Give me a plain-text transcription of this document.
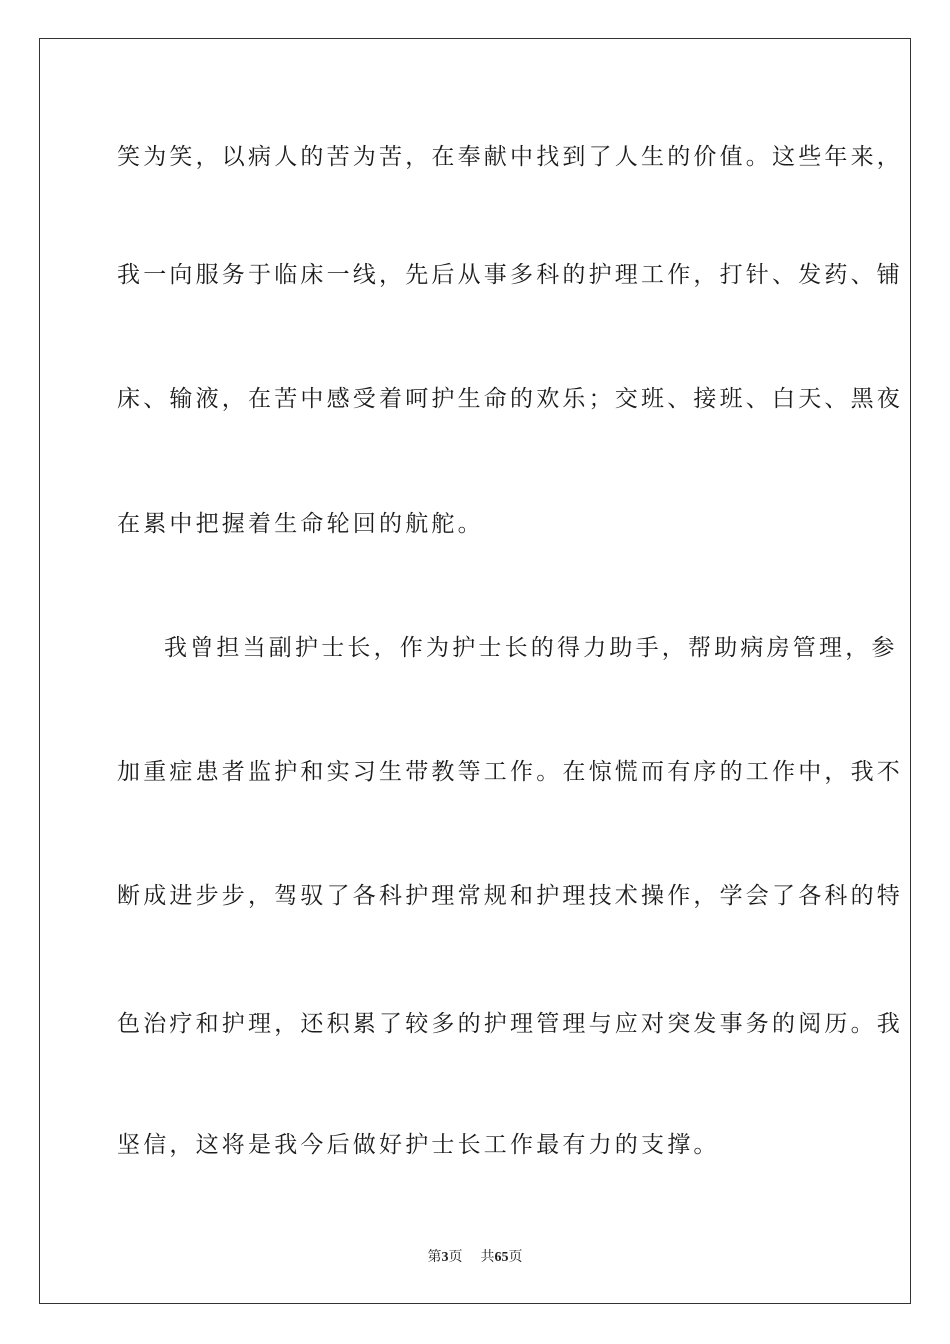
笑为笑，以病人的苦为苦，在奉献中找到了人生的价值。这些年来，
我一向服务于临床一线，先后从事多科的护理工作，打针、发药、铺
床、输液，在苦中感受着呵护生命的欢乐；交班、接班、白天、黑夜
在累中把握着生命轮回的航舵。
我曾担当副护士长，作为护士长的得力助手，帮助病房管理，参
加重症患者监护和实习生带教等工作。在惊慌而有序的工作中，我不
断成进步步，驾驭了各科护理常规和护理技术操作，学会了各科的特
色治疗和护理，还积累了较多的护理管理与应对突发事务的阅历。我
坚信，这将是我今后做好护士长工作最有力的支撑。
第3页 共65页
